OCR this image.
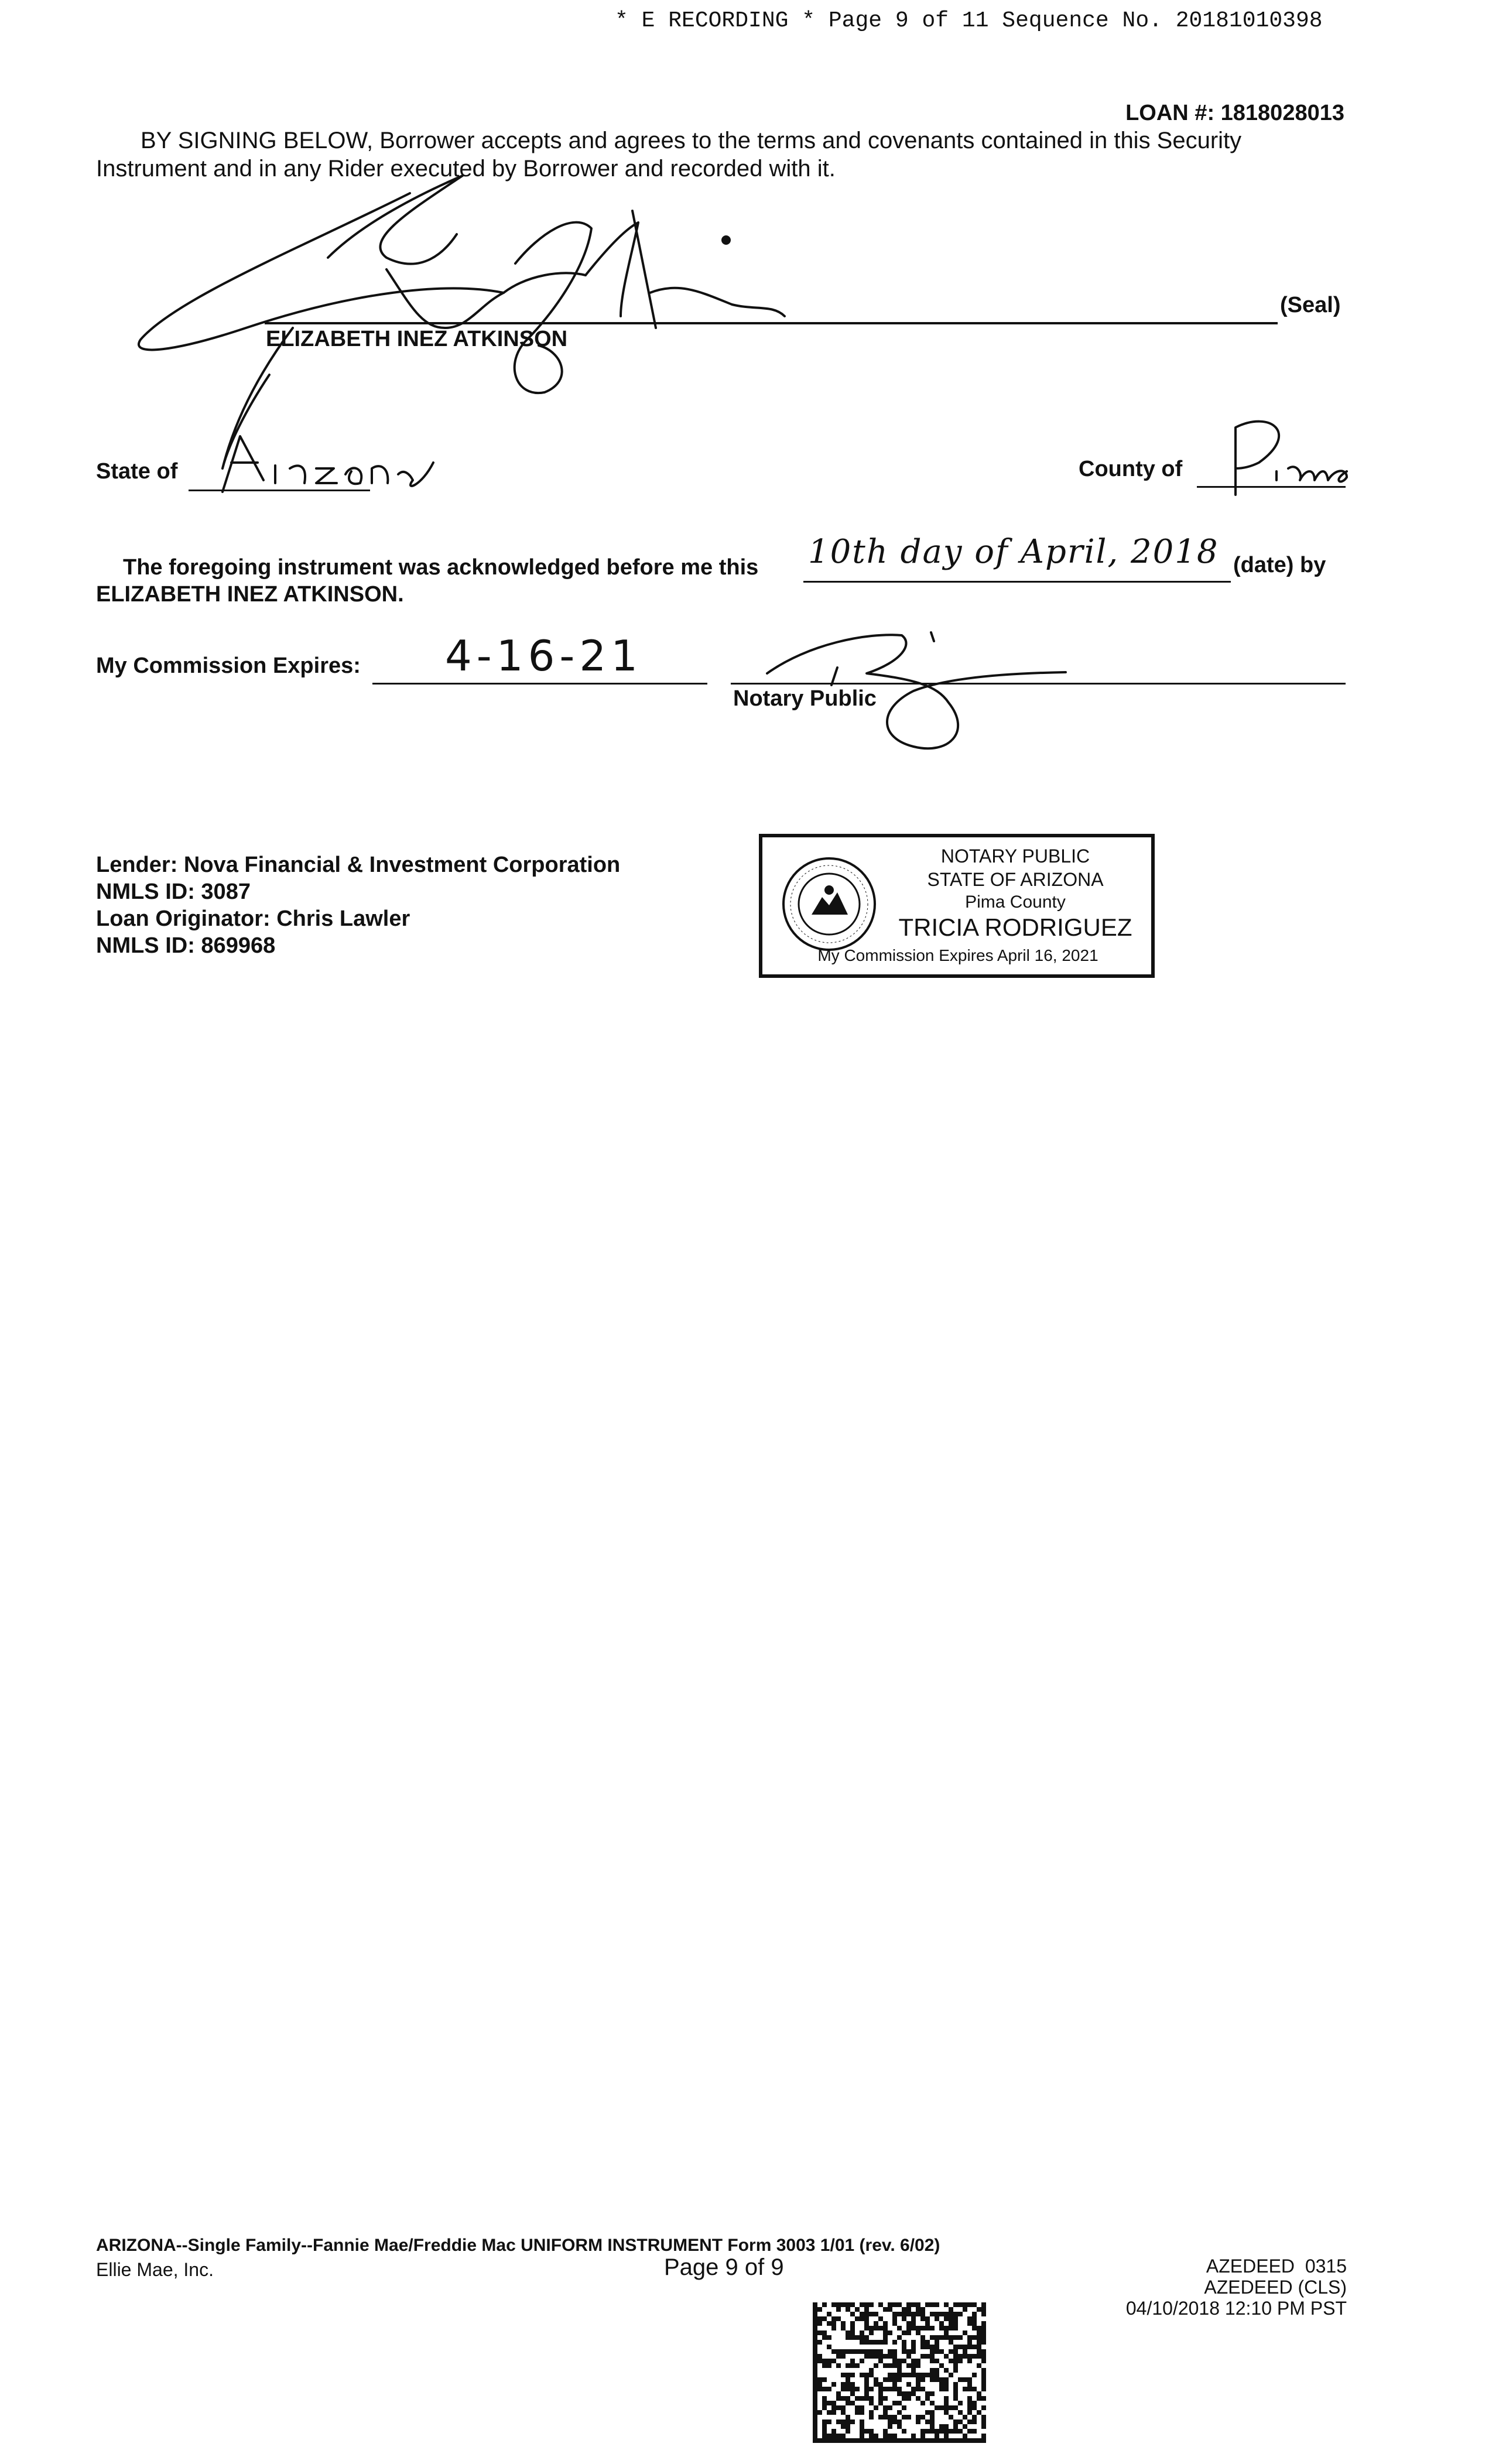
* E RECORDING * Page 9 of 11 Sequence No. 20181010398
LOAN #: 1818028013
BY SIGNING BELOW, Borrower accepts and agrees to the terms and covenants contained in this Security
Instrument and in any Rider executed by Borrower and recorded with it.
(Seal)
ELIZABETH INEZ ATKINSON
State of	County of
The foregoing instrument was acknowledged before me this	(date) by
10th day of April, 2018
ELIZABETH INEZ ATKINSON.
My Commission Expires: 4-16-21
Notary Public
Lender: Nova Financial & Investment Corporation
NMLS ID: 3087
Loan Originator: Chris Lawler
NMLS ID: 869968
NOTARY PUBLIC
STATE OF ARIZONA
Pima County
TRICIA RODRIGUEZ
My Commission Expires April 16, 2021
ARIZONA--Single Family--Fannie Mae/Freddie Mac UNIFORM INSTRUMENT Form 3003 1/01 (rev. 6/02)
Ellie Mae, Inc.	Page 9 of 9	AZEDEED  0315
AZEDEED (CLS)
04/10/2018 12:10 PM PST
